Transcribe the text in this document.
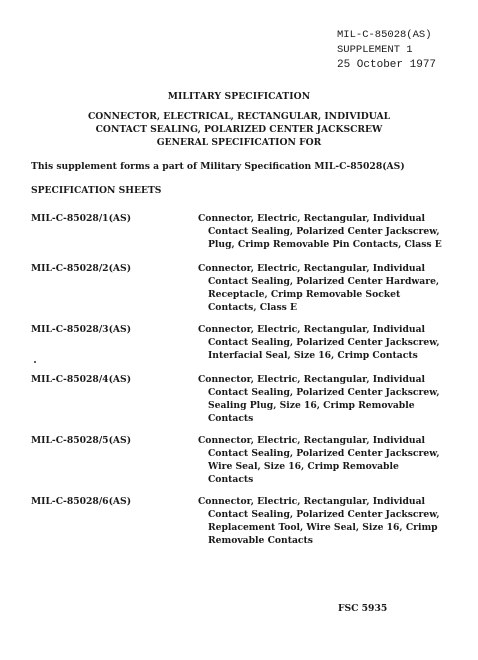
MIL-C-85028(AS)
SUPPLEMENT 1
25 October 1977
MILITARY SPECIFICATION
CONNECTOR, ELECTRICAL, RECTANGULAR, INDIVIDUAL
CONTACT SEALING, POLARIZED CENTER JACKSCREW
GENERAL SPECIFICATION FOR
This supplement forms a part of Military Specification MIL-C-85028(AS)
SPECIFICATION SHEETS
MIL-C-85028/1(AS)	Connector, Electric, Rectangular, Individual
Contact Sealing, Polarized Center Jackscrew,
Plug, Crimp Removable Pin Contacts, Class E
MIL-C-85028/2(AS)	Connector, Electric, Rectangular, Individual
Contact Sealing, Polarized Center Hardware,
Receptacle, Crimp Removable Socket
Contacts, Class E
MIL-C-85028/3(AS)	Connector, Electric, Rectangular, Individual
Contact Sealing, Polarized Center Jackscrew,
Interfacial Seal, Size 16, Crimp Contacts
MIL-C-85028/4(AS)	Connector, Electric, Rectangular, Individual
Contact Sealing, Polarized Center Jackscrew,
Sealing Plug, Size 16, Crimp Removable
Contacts
MIL-C-85028/5(AS)	Connector, Electric, Rectangular, Individual
Contact Sealing, Polarized Center Jackscrew,
Wire Seal, Size 16, Crimp Removable
Contacts
MIL-C-85028/6(AS)	Connector, Electric, Rectangular, Individual
Contact Sealing, Polarized Center Jackscrew,
Replacement Tool, Wire Seal, Size 16, Crimp
Removable Contacts
FSC 5935
